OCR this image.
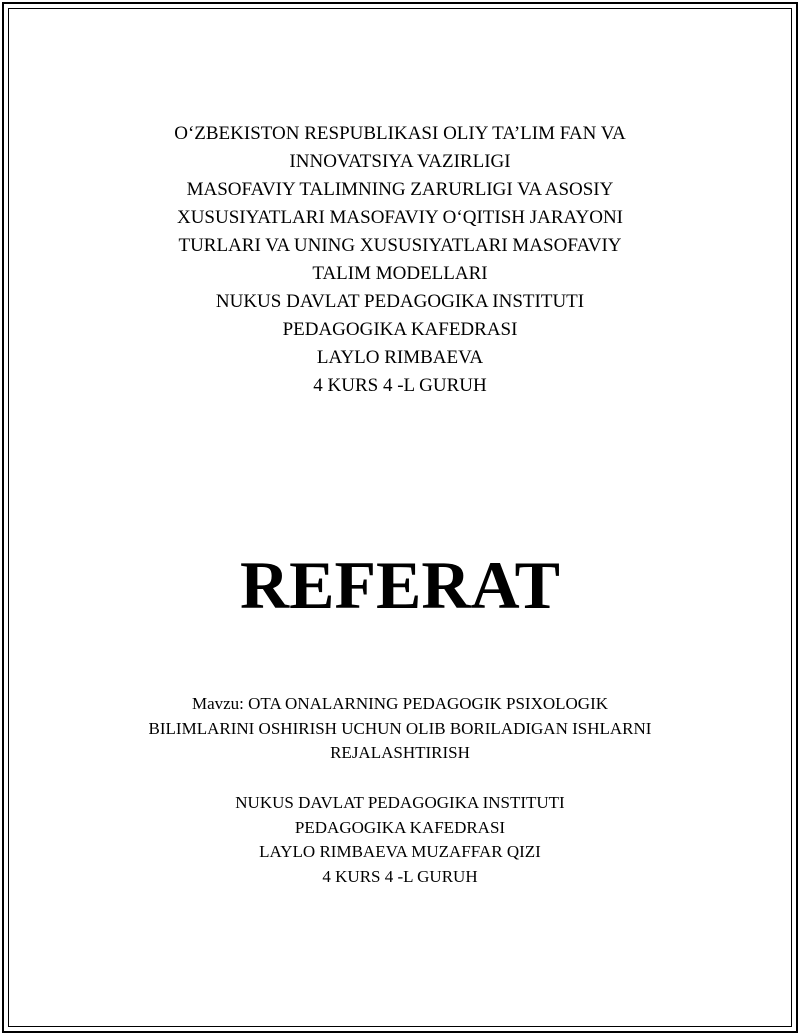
O‘ZBEKISTON RESPUBLIKASI OLIY TA’LIM FAN VA
INNOVATSIYA VAZIRLIGI
MASOFAVIY TALIMNING ZARURLIGI VA ASOSIY
XUSUSIYATLARI MASOFAVIY O‘QITISH JARAYONI
TURLARI VA UNING XUSUSIYATLARI MASOFAVIY
TALIM MODELLARI
NUKUS DAVLAT PEDAGOGIKA INSTITUTI
PEDAGOGIKA KAFEDRASI
LAYLO RIMBAEVA
4 KURS 4 -L GURUH
REFERAT
Mavzu: OTA ONALARNING PEDAGOGIK PSIXOLOGIK
BILIMLARINI OSHIRISH UCHUN OLIB BORILADIGAN ISHLARNI
REJALASHTIRISH
NUKUS DAVLAT PEDAGOGIKA INSTITUTI
PEDAGOGIKA KAFEDRASI
LAYLO RIMBAEVA MUZAFFAR QIZI
4 KURS 4 -L GURUH
